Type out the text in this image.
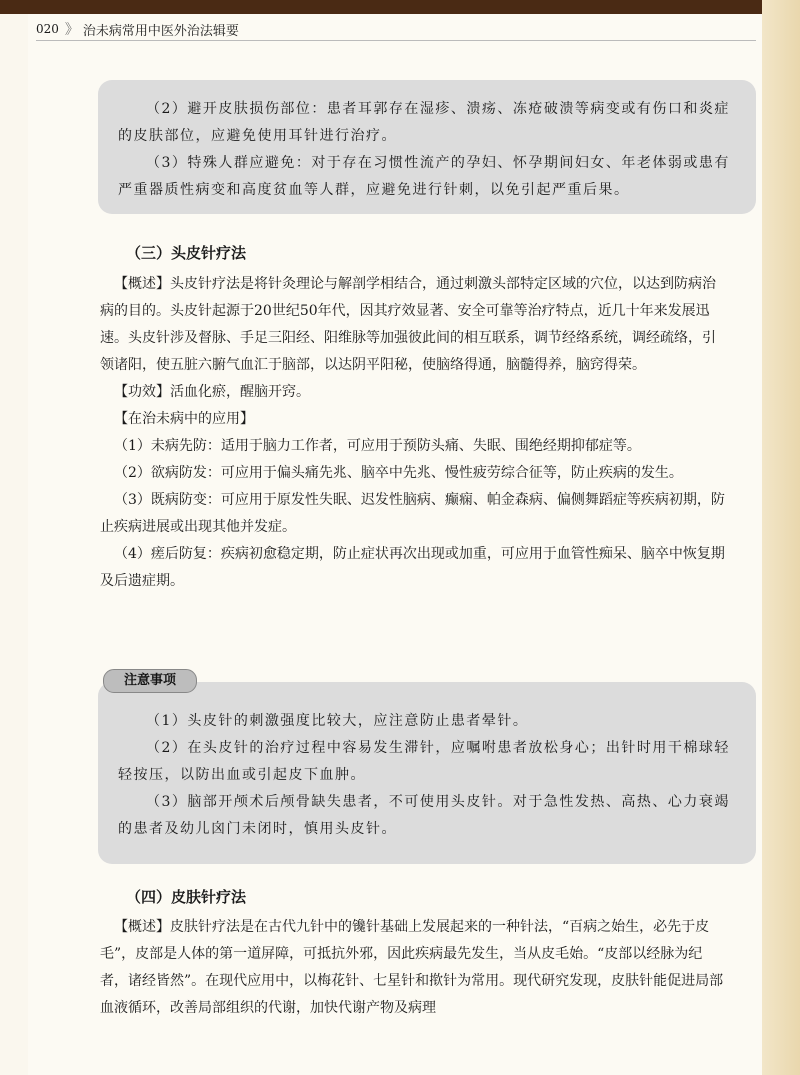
020 》 治未病常用中医外治法辑要

（2）避开皮肤损伤部位：患者耳郭存在湿疹、溃疡、冻疮破溃等病变或有伤口和炎症的皮肤部位，应避免使用耳针进行治疗。

（3）特殊人群应避免：对于存在习惯性流产的孕妇、怀孕期间妇女、年老体弱或患有严重器质性病变和高度贫血等人群，应避免进行针刺，以免引起严重后果。

（三）头皮针疗法

【概述】头皮针疗法是将针灸理论与解剖学相结合，通过刺激头部特定区域的穴位，以达到防病治病的目的。头皮针起源于20世纪50年代，因其疗效显著、安全可靠等治疗特点，近几十年来发展迅速。头皮针涉及督脉、手足三阳经、阳维脉等加强彼此间的相互联系，调节经络系统，调经疏络，引领诸阳，使五脏六腑气血汇于脑部，以达阴平阳秘，使脑络得通，脑髓得养，脑窍得荣。

【功效】活血化瘀，醒脑开窍。

【在治未病中的应用】

（1）未病先防：适用于脑力工作者，可应用于预防头痛、失眠、围绝经期抑郁症等。

（2）欲病防发：可应用于偏头痛先兆、脑卒中先兆、慢性疲劳综合征等，防止疾病的发生。

（3）既病防变：可应用于原发性失眠、迟发性脑病、癫痫、帕金森病、偏侧舞蹈症等疾病初期，防止疾病进展或出现其他并发症。

（4）瘥后防复：疾病初愈稳定期，防止症状再次出现或加重，可应用于血管性痴呆、脑卒中恢复期及后遗症期。

注意事项

（1）头皮针的刺激强度比较大，应注意防止患者晕针。

（2）在头皮针的治疗过程中容易发生滞针，应嘱咐患者放松身心；出针时用干棉球轻轻按压，以防出血或引起皮下血肿。

（3）脑部开颅术后颅骨缺失患者，不可使用头皮针。对于急性发热、高热、心力衰竭的患者及幼儿囟门未闭时，慎用头皮针。

（四）皮肤针疗法

【概述】皮肤针疗法是在古代九针中的镵针基础上发展起来的一种针法，“百病之始生，必先于皮毛”，皮部是人体的第一道屏障，可抵抗外邪，因此疾病最先发生，当从皮毛始。“皮部以经脉为纪者，诸经皆然”。在现代应用中，以梅花针、七星针和揿针为常用。现代研究发现，皮肤针能促进局部血液循环，改善局部组织的代谢，加快代谢产物及病理
